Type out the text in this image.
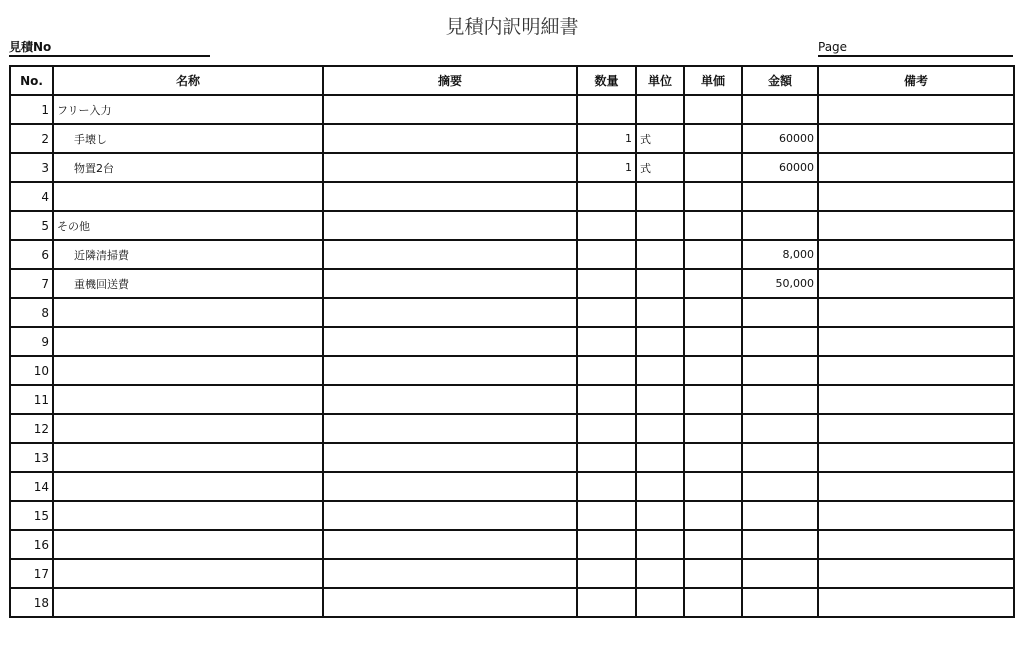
見積内訳明細書
見積No	Page
No.	名称	摘要	数量	単位	単価	金額	備考
1	フリー入力						
2	手壊し		1	式		60000	
3	物置2台		1	式		60000	
4							
5	その他						
6	近隣清掃費					8,000	
7	重機回送費					50,000	
8							
9							
10							
11							
12							
13							
14							
15							
16							
17							
18							
